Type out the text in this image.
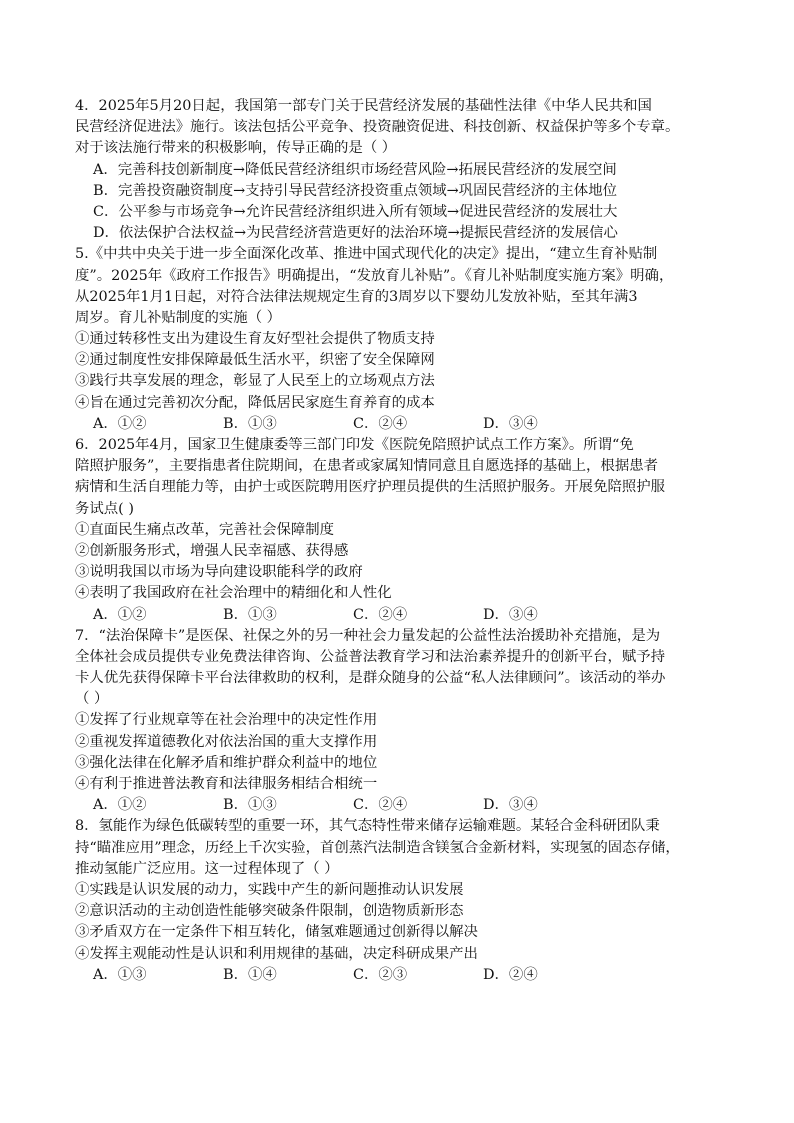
4．2025年5月20日起，我国第一部专门关于民营经济发展的基础性法律《中华人民共和国
民营经济促进法》施行。该法包括公平竞争、投资融资促进、科技创新、权益保护等多个专章。
对于该法施行带来的积极影响，传导正确的是（ ）
A．完善科技创新制度→降低民营经济组织市场经营风险→拓展民营经济的发展空间
B．完善投资融资制度→支持引导民营经济投资重点领域→巩固民营经济的主体地位
C．公平参与市场竞争→允许民营经济组织进入所有领域→促进民营经济的发展壮大
D．依法保护合法权益→为民营经济营造更好的法治环境→提振民营经济的发展信心
5.《中共中央关于进一步全面深化改革、推进中国式现代化的决定》提出，“建立生育补贴制
度”。2025年《政府工作报告》明确提出，“发放育儿补贴”。《育儿补贴制度实施方案》明确，
从2025年1月1日起，对符合法律法规规定生育的3周岁以下婴幼儿发放补贴，至其年满3
周岁。育儿补贴制度的实施（ ）
①通过转移性支出为建设生育友好型社会提供了物质支持
②通过制度性安排保障最低生活水平，织密了安全保障网
③践行共享发展的理念，彰显了人民至上的立场观点方法
④旨在通过完善初次分配，降低居民家庭生育养育的成本
A．①②	B．①③	C．②④	D．③④
6．2025年4月，国家卫生健康委等三部门印发《医院免陪照护试点工作方案》。所谓“免
陪照护服务”，主要指患者住院期间，在患者或家属知情同意且自愿选择的基础上，根据患者
病情和生活自理能力等，由护士或医院聘用医疗护理员提供的生活照护服务。开展免陪照护服
务试点( )
①直面民生痛点改革，完善社会保障制度
②创新服务形式，增强人民幸福感、获得感
③说明我国以市场为导向建设职能科学的政府
④表明了我国政府在社会治理中的精细化和人性化
A．①②	B．①③	C．②④	D．③④
7．“法治保障卡”是医保、社保之外的另一种社会力量发起的公益性法治援助补充措施，是为
全体社会成员提供专业免费法律咨询、公益普法教育学习和法治素养提升的创新平台，赋予持
卡人优先获得保障卡平台法律救助的权利，是群众随身的公益“私人法律顾问”。该活动的举办
（ ）
①发挥了行业规章等在社会治理中的决定性作用
②重视发挥道德教化对依法治国的重大支撑作用
③强化法律在化解矛盾和维护群众利益中的地位
④有利于推进普法教育和法律服务相结合相统一
A．①②	B．①③	C．②④	D．③④
8．氢能作为绿色低碳转型的重要一环，其气态特性带来储存运输难题。某轻合金科研团队秉
持“瞄准应用”理念，历经上千次实验，首创蒸汽法制造含镁氢合金新材料，实现氢的固态存储，
推动氢能广泛应用。这一过程体现了（ ）
①实践是认识发展的动力，实践中产生的新问题推动认识发展
②意识活动的主动创造性能够突破条件限制，创造物质新形态
③矛盾双方在一定条件下相互转化，储氢难题通过创新得以解决
④发挥主观能动性是认识和利用规律的基础，决定科研成果产出
A．①③	B．①④	C．②③	D．②④
